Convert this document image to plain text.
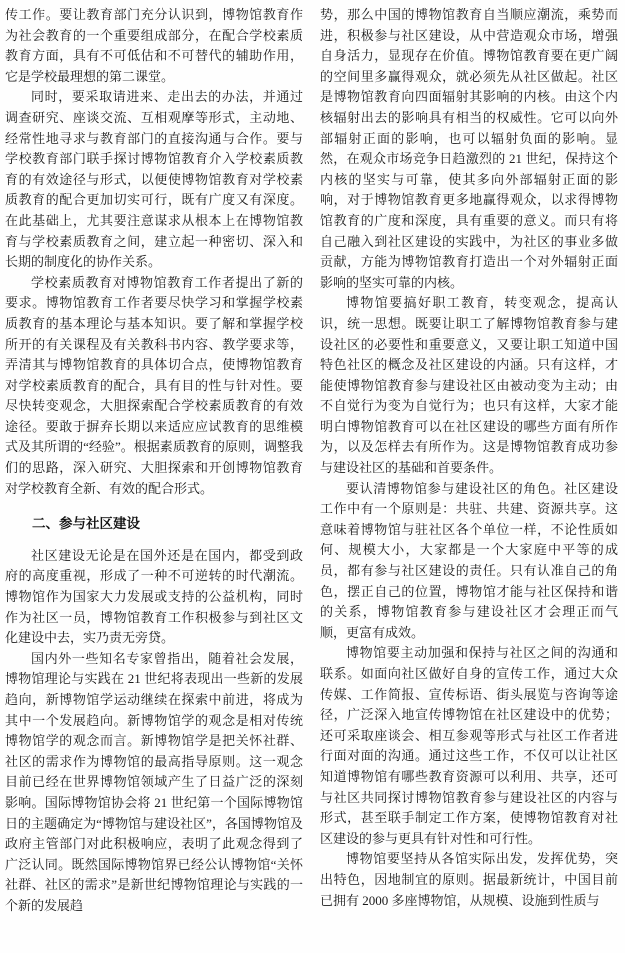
传工作。要让教育部门充分认识到，博物馆教育作为社会教育的一个重要组成部分，在配合学校素质教育方面，具有不可低估和不可替代的辅助作用，它是学校最理想的第二课堂。

同时，要采取请进来、走出去的办法，并通过调查研究、座谈交流、互相观摩等形式，主动地、经常性地寻求与教育部门的直接沟通与合作。要与学校教育部门联手探讨博物馆教育介入学校素质教育的有效途径与形式，以便使博物馆教育对学校素质教育的配合更加切实可行，既有广度又有深度。在此基础上，尤其要注意谋求从根本上在博物馆教育与学校素质教育之间，建立起一种密切、深入和长期的制度化的协作关系。

学校素质教育对博物馆教育工作者提出了新的要求。博物馆教育工作者要尽快学习和掌握学校素质教育的基本理论与基本知识。要了解和掌握学校所开的有关课程及有关教科书内容、教学要求等，弄清其与博物馆教育的具体切合点，使博物馆教育对学校素质教育的配合，具有目的性与针对性。要尽快转变观念，大胆探索配合学校素质教育的有效途径。要敢于摒弃长期以来适应应试教育的思维模式及其所谓的“经验”。根据素质教育的原则，调整我们的思路，深入研究、大胆探索和开创博物馆教育对学校教育全新、有效的配合形式。

二、参与社区建设

社区建设无论是在国外还是在国内，都受到政府的高度重视，形成了一种不可逆转的时代潮流。博物馆作为国家大力发展或支持的公益机构，同时作为社区一员，博物馆教育工作积极参与到社区文化建设中去，实乃责无旁贷。

国内外一些知名专家曾指出，随着社会发展，博物馆理论与实践在 21 世纪将表现出一些新的发展趋向，新博物馆学运动继续在探索中前进，将成为其中一个发展趋向。新博物馆学的观念是相对传统博物馆学的观念而言。新博物馆学是把关怀社群、社区的需求作为博物馆的最高指导原则。这一观念目前已经在世界博物馆领域产生了日益广泛的深刻影响。国际博物馆协会将 21 世纪第一个国际博物馆日的主题确定为“博物馆与建设社区”，各国博物馆及政府主管部门对此积极响应，表明了此观念得到了广泛认同。既然国际博物馆界已经公认博物馆“关怀社群、社区的需求”是新世纪博物馆理论与实践的一个新的发展趋

势，那么中国的博物馆教育自当顺应潮流，乘势而进，积极参与社区建设，从中营造观众市场，增强自身活力，显现存在价值。博物馆教育要在更广阔的空间里多赢得观众，就必须先从社区做起。社区是博物馆教育向四面辐射其影响的内核。由这个内核辐射出去的影响具有相当的权威性。它可以向外部辐射正面的影响，也可以辐射负面的影响。显然，在观众市场竞争日趋激烈的 21 世纪，保持这个内核的坚实与可靠，使其多向外部辐射正面的影响，对于博物馆教育更多地赢得观众，以求得博物馆教育的广度和深度，具有重要的意义。而只有将自己融入到社区建设的实践中，为社区的事业多做贡献，方能为博物馆教育打造出一个对外辐射正面影响的坚实可靠的内核。

博物馆要搞好职工教育，转变观念，提高认识，统一思想。既要让职工了解博物馆教育参与建设社区的必要性和重要意义，又要让职工知道中国特色社区的概念及社区建设的内涵。只有这样，才能使博物馆教育参与建设社区由被动变为主动；由不自觉行为变为自觉行为；也只有这样，大家才能明白博物馆教育可以在社区建设的哪些方面有所作为，以及怎样去有所作为。这是博物馆教育成功参与建设社区的基础和首要条件。

要认清博物馆参与建设社区的角色。社区建设工作中有一个原则是：共驻、共建、资源共享。这意味着博物馆与驻社区各个单位一样，不论性质如何、规模大小，大家都是一个大家庭中平等的成员，都有参与社区建设的责任。只有认准自己的角色，摆正自己的位置，博物馆才能与社区保持和谐的关系，博物馆教育参与建设社区才会理正而气顺，更富有成效。

博物馆要主动加强和保持与社区之间的沟通和联系。如面向社区做好自身的宣传工作，通过大众传媒、工作简报、宣传标语、街头展览与咨询等途径，广泛深入地宣传博物馆在社区建设中的优势；还可采取座谈会、相互参观等形式与社区工作者进行面对面的沟通。通过这些工作，不仅可以让社区知道博物馆有哪些教育资源可以利用、共享，还可与社区共同探讨博物馆教育参与建设社区的内容与形式，甚至联手制定工作方案，使博物馆教育对社区建设的参与更具有针对性和可行性。

博物馆要坚持从各馆实际出发，发挥优势，突出特色，因地制宜的原则。据最新统计，中国目前已拥有 2000 多座博物馆，从规模、设施到性质与
